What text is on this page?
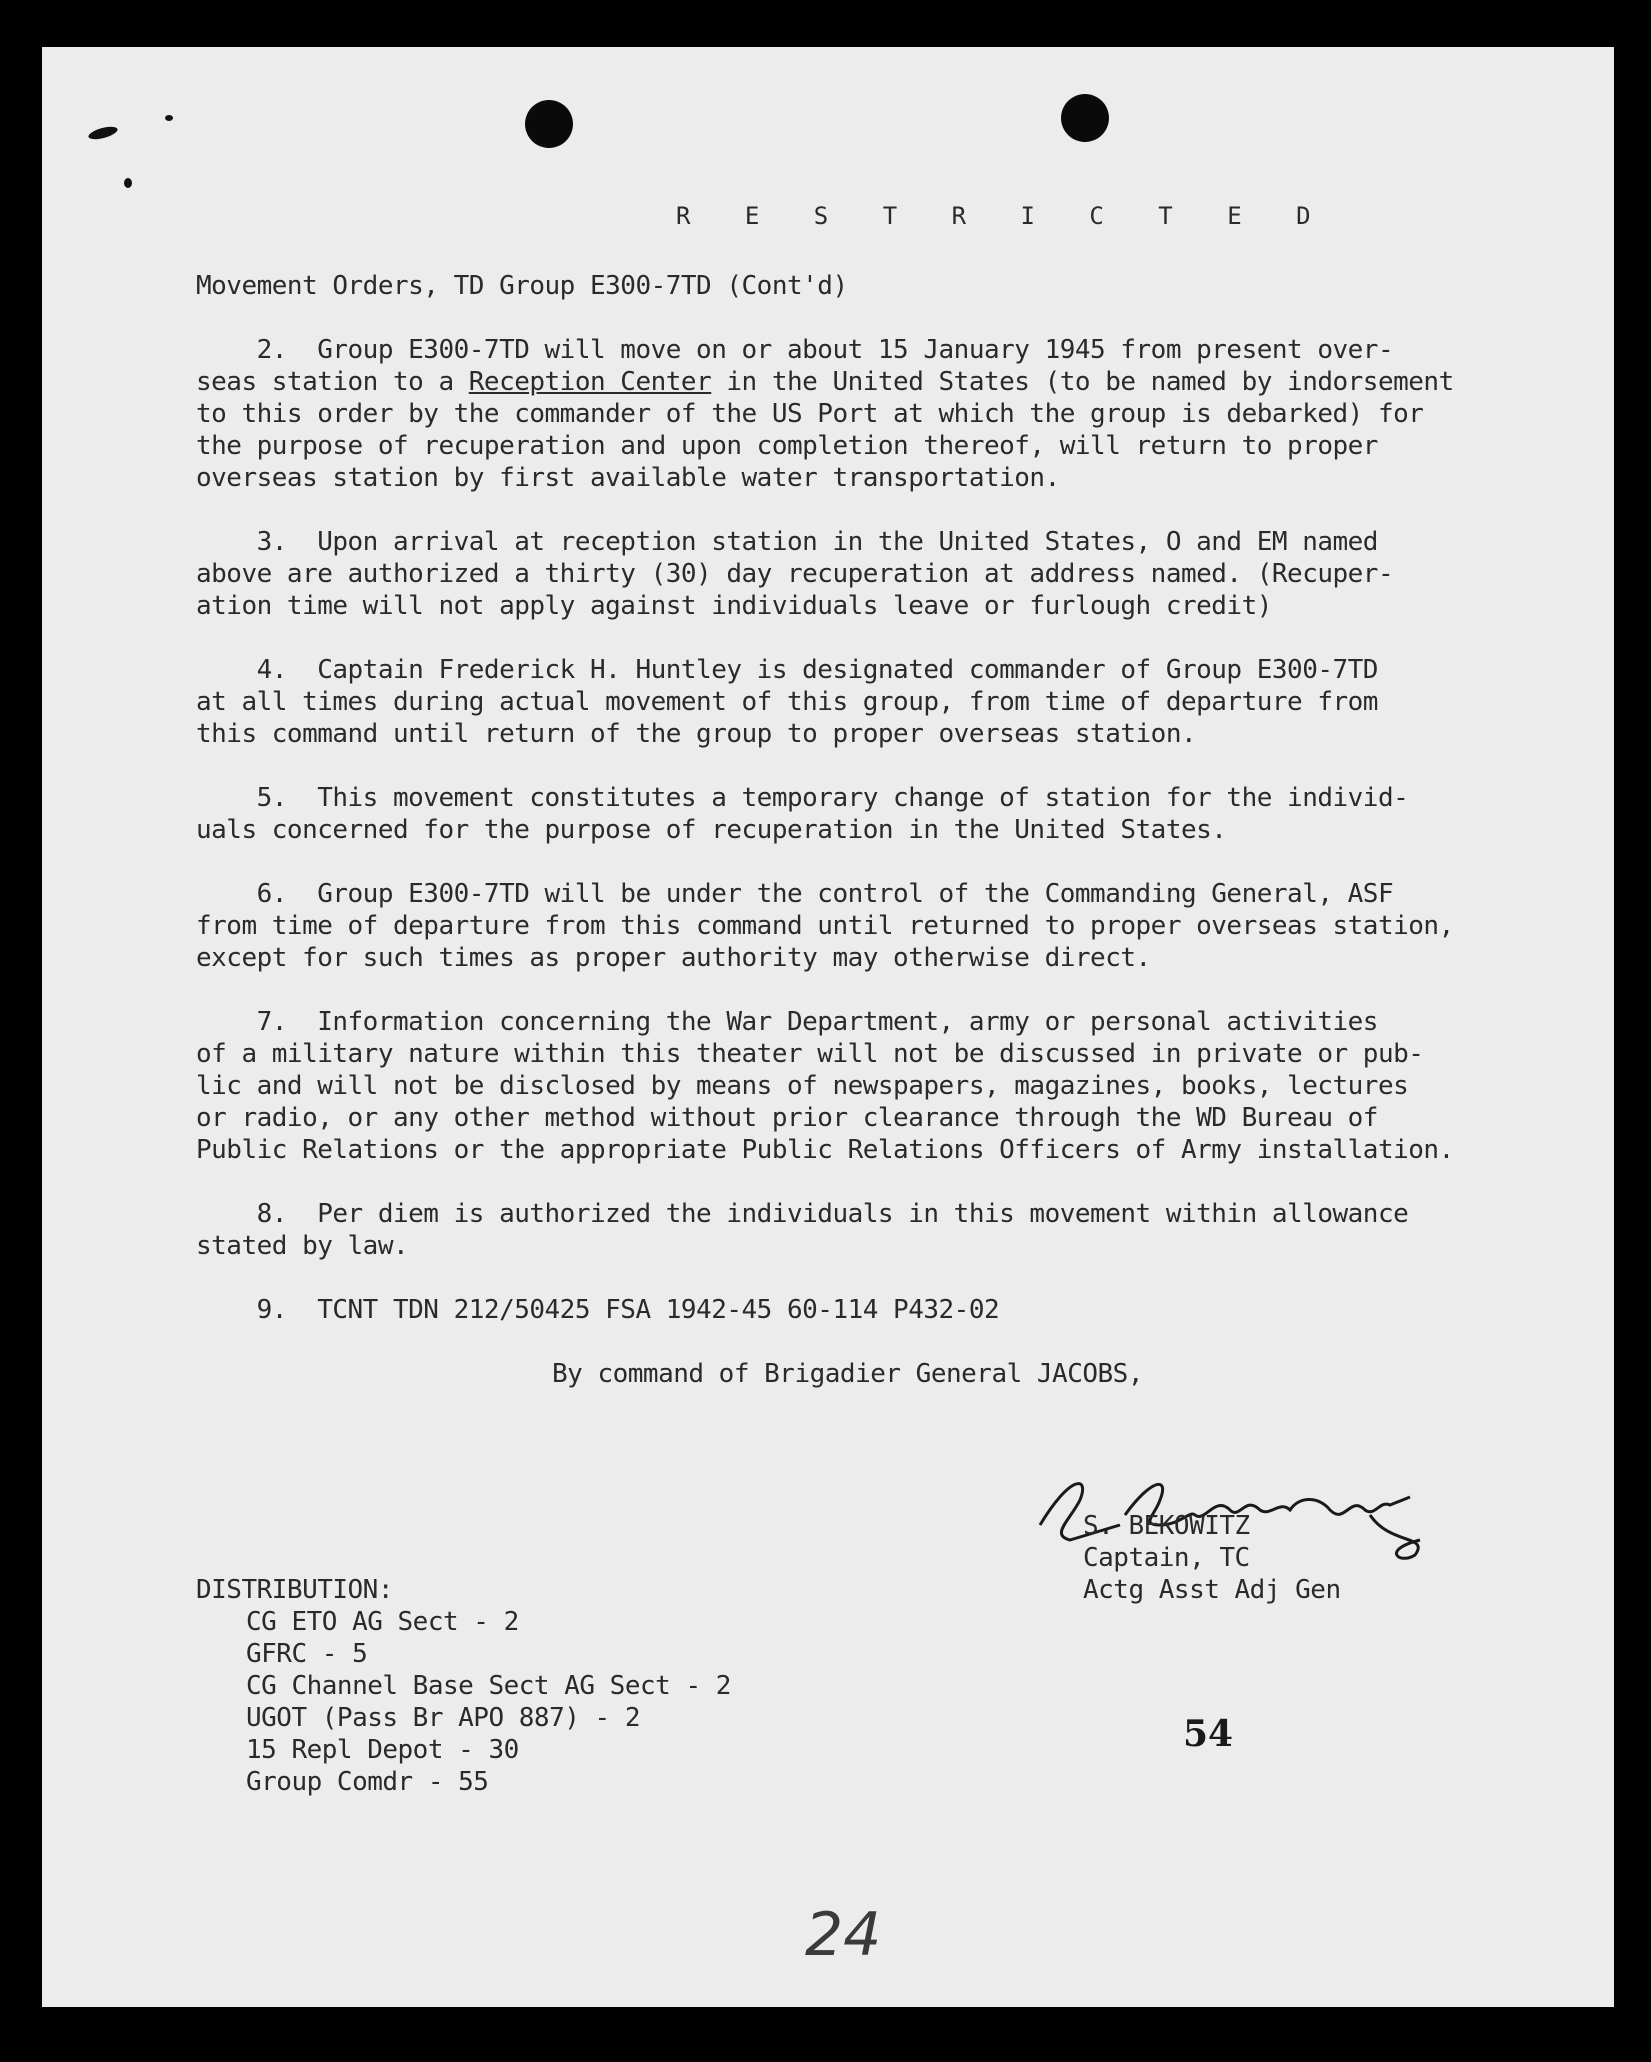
R E S T R I C T E D
Movement Orders, TD Group E300-7TD (Cont'd)
2.  Group E300-7TD will move on or about 15 January 1945 from present over-
seas station to a Reception Center in the United States (to be named by indorsement
to this order by the commander of the US Port at which the group is debarked) for
the purpose of recuperation and upon completion thereof, will return to proper
overseas station by first available water transportation.
3.  Upon arrival at reception station in the United States, O and EM named
above are authorized a thirty (30) day recuperation at address named. (Recuper-
ation time will not apply against individuals leave or furlough credit)
4.  Captain Frederick H. Huntley is designated commander of Group E300-7TD
at all times during actual movement of this group, from time of departure from
this command until return of the group to proper overseas station.
5.  This movement constitutes a temporary change of station for the individ-
uals concerned for the purpose of recuperation in the United States.
6.  Group E300-7TD will be under the control of the Commanding General, ASF
from time of departure from this command until returned to proper overseas station,
except for such times as proper authority may otherwise direct.
7.  Information concerning the War Department, army or personal activities
of a military nature within this theater will not be discussed in private or pub-
lic and will not be disclosed by means of newspapers, magazines, books, lectures
or radio, or any other method without prior clearance through the WD Bureau of
Public Relations or the appropriate Public Relations Officers of Army installation.
8.  Per diem is authorized the individuals in this movement within allowance
stated by law.
9.  TCNT TDN 212/50425 FSA 1942-45 60-114 P432-02
By command of Brigadier General JACOBS,
S. BEKOWITZ
Captain, TC
Actg Asst Adj Gen
DISTRIBUTION:
CG ETO AG Sect - 2
GFRC - 5
CG Channel Base Sect AG Sect - 2
UGOT (Pass Br APO 887) - 2
15 Repl Depot - 30
Group Comdr - 55
54
24
